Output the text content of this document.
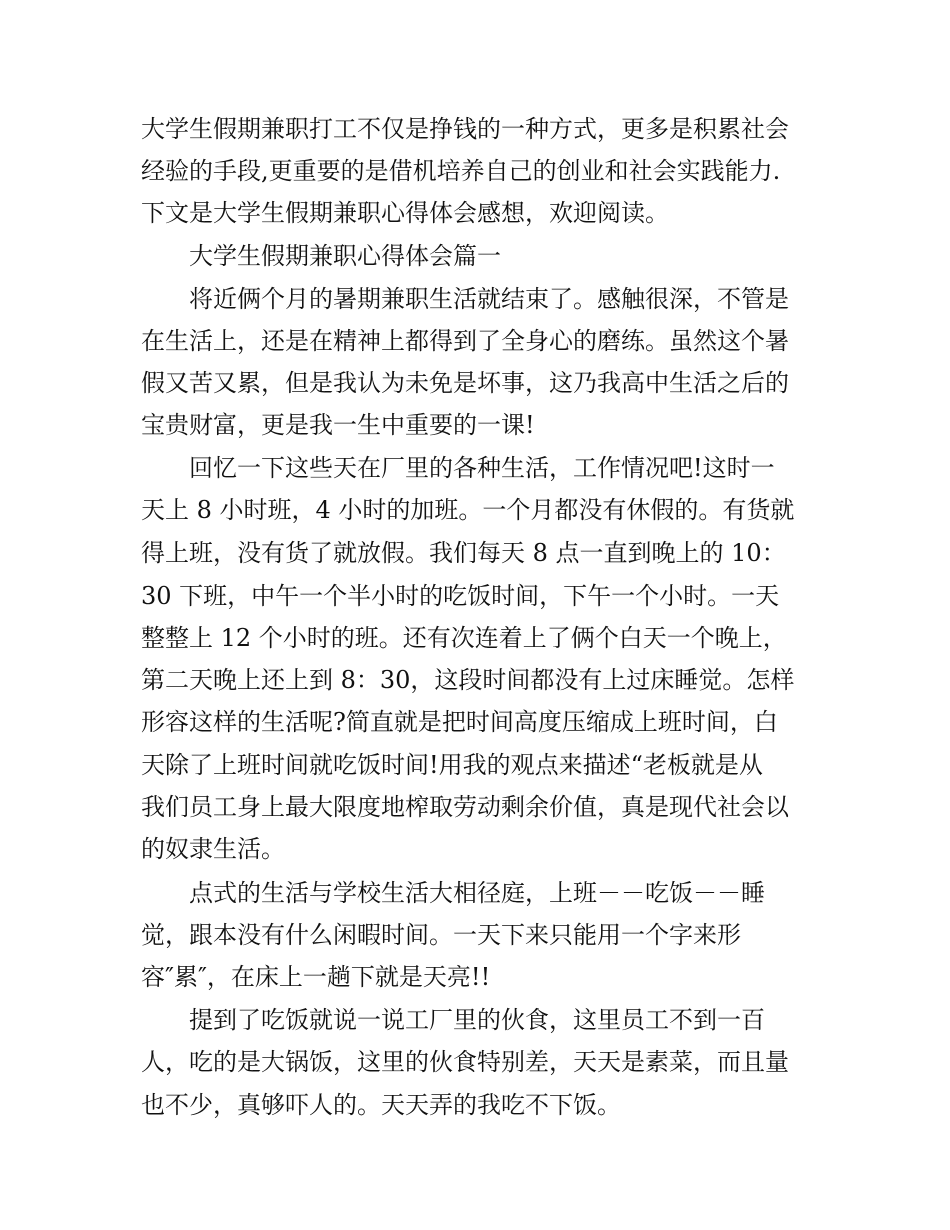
大学生假期兼职打工不仅是挣钱的一种方式，更多是积累社会
经验的手段,更重要的是借机培养自己的创业和社会实践能力.
下文是大学生假期兼职心得体会感想，欢迎阅读。
大学生假期兼职心得体会篇一
将近俩个月的暑期兼职生活就结束了。感触很深，不管是
在生活上，还是在精神上都得到了全身心的磨练。虽然这个暑
假又苦又累，但是我认为未免是坏事，这乃我高中生活之后的
宝贵财富，更是我一生中重要的一课!
回忆一下这些天在厂里的各种生活，工作情况吧!这时一
天上 8 小时班，4 小时的加班。一个月都没有休假的。有货就
得上班，没有货了就放假。我们每天 8 点一直到晚上的 10：
30 下班，中午一个半小时的吃饭时间，下午一个小时。一天
整整上 12 个小时的班。还有次连着上了俩个白天一个晚上，
第二天晚上还上到 8：30，这段时间都没有上过床睡觉。怎样
形容这样的生活呢?简直就是把时间高度压缩成上班时间，白
天除了上班时间就吃饭时间!用我的观点来描述“老板就是从
我们员工身上最大限度地榨取劳动剩余价值，真是现代社会以
的奴隶生活。
点式的生活与学校生活大相径庭，上班－－吃饭－－睡
觉，跟本没有什么闲暇时间。一天下来只能用一个字来形
容″累″，在床上一趟下就是天亮!!
提到了吃饭就说一说工厂里的伙食，这里员工不到一百
人，吃的是大锅饭，这里的伙食特别差，天天是素菜，而且量
也不少，真够吓人的。天天弄的我吃不下饭。
